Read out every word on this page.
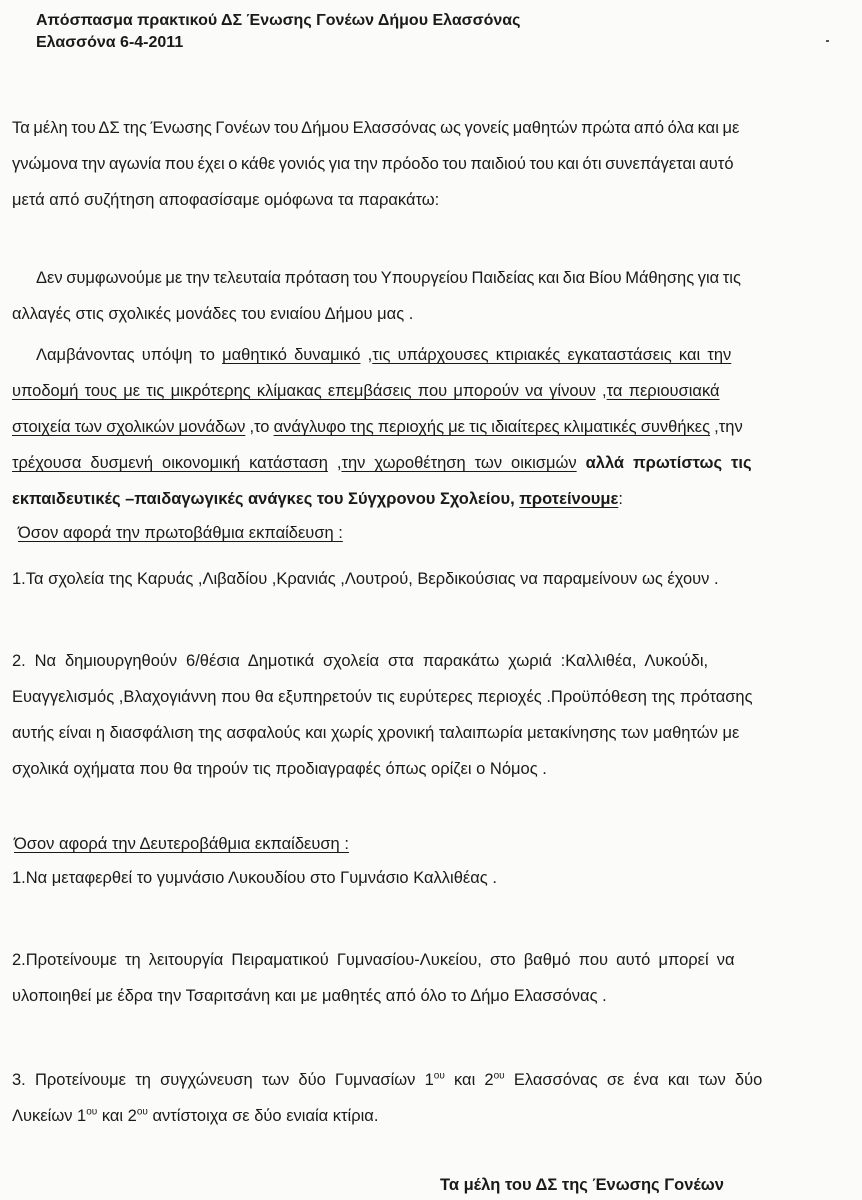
Απόσπασμα πρακτικού ΔΣ Ένωσης Γονέων Δήμου Ελασσόνας
Ελασσόνα 6-4-2011
Τα μέλη του ΔΣ της Ένωσης Γονέων του Δήμου Ελασσόνας ως γονείς μαθητών πρώτα από όλα και με
γνώμονα την αγωνία που έχει ο κάθε γονιός για την πρόοδο του παιδιού του και ότι συνεπάγεται αυτό
μετά από συζήτηση αποφασίσαμε ομόφωνα τα παρακάτω:
Δεν συμφωνούμε με την τελευταία πρόταση του Υπουργείου Παιδείας και δια Βίου Μάθησης για τις
αλλαγές στις σχολικές μονάδες του ενιαίου Δήμου μας .
Λαμβάνοντας υπόψη το μαθητικό δυναμικό ,τις υπάρχουσες κτιριακές εγκαταστάσεις και την
υποδομή τους με τις μικρότερης κλίμακας επεμβάσεις που μπορούν να γίνουν ,τα περιουσιακά
στοιχεία των σχολικών μονάδων ,το ανάγλυφο της περιοχής με τις ιδιαίτερες κλιματικές συνθήκες ,την
τρέχουσα δυσμενή οικονομική κατάσταση ,την χωροθέτηση των οικισμών αλλά πρωτίστως τις
εκπαιδευτικές –παιδαγωγικές ανάγκες του Σύγχρονου Σχολείου, προτείνουμε:
Όσον αφορά την πρωτοβάθμια εκπαίδευση :
1.Τα σχολεία της Καρυάς ,Λιβαδίου ,Κρανιάς ,Λουτρού, Βερδικούσιας να παραμείνουν ως έχουν .
2. Να δημιουργηθούν 6/θέσια Δημοτικά σχολεία στα παρακάτω χωριά :Καλλιθέα, Λυκούδι,
Ευαγγελισμός ,Βλαχογιάννη που θα εξυπηρετούν τις ευρύτερες περιοχές .Προϋπόθεση της πρότασης
αυτής είναι η διασφάλιση της ασφαλούς και χωρίς χρονική ταλαιπωρία μετακίνησης των μαθητών με
σχολικά οχήματα που θα τηρούν τις προδιαγραφές όπως ορίζει ο Νόμος .
Όσον αφορά την Δευτεροβάθμια εκπαίδευση :
1.Να μεταφερθεί το γυμνάσιο Λυκουδίου στο Γυμνάσιο Καλλιθέας .
2.Προτείνουμε τη λειτουργία Πειραματικού Γυμνασίου-Λυκείου, στο βαθμό που αυτό μπορεί να
υλοποιηθεί με έδρα την Τσαριτσάνη και με μαθητές από όλο το Δήμο Ελασσόνας .
3. Προτείνουμε τη συγχώνευση των δύο Γυμνασίων $1^{o\upsilon}$ και $2^{o\upsilon}$ Ελασσόνας σε ένα και των δύο
Λυκείων $1^{o\upsilon}$ και $2^{o\upsilon}$ αντίστοιχα σε δύο ενιαία κτίρια.
Τα μέλη του ΔΣ της Ένωσης Γονέων
